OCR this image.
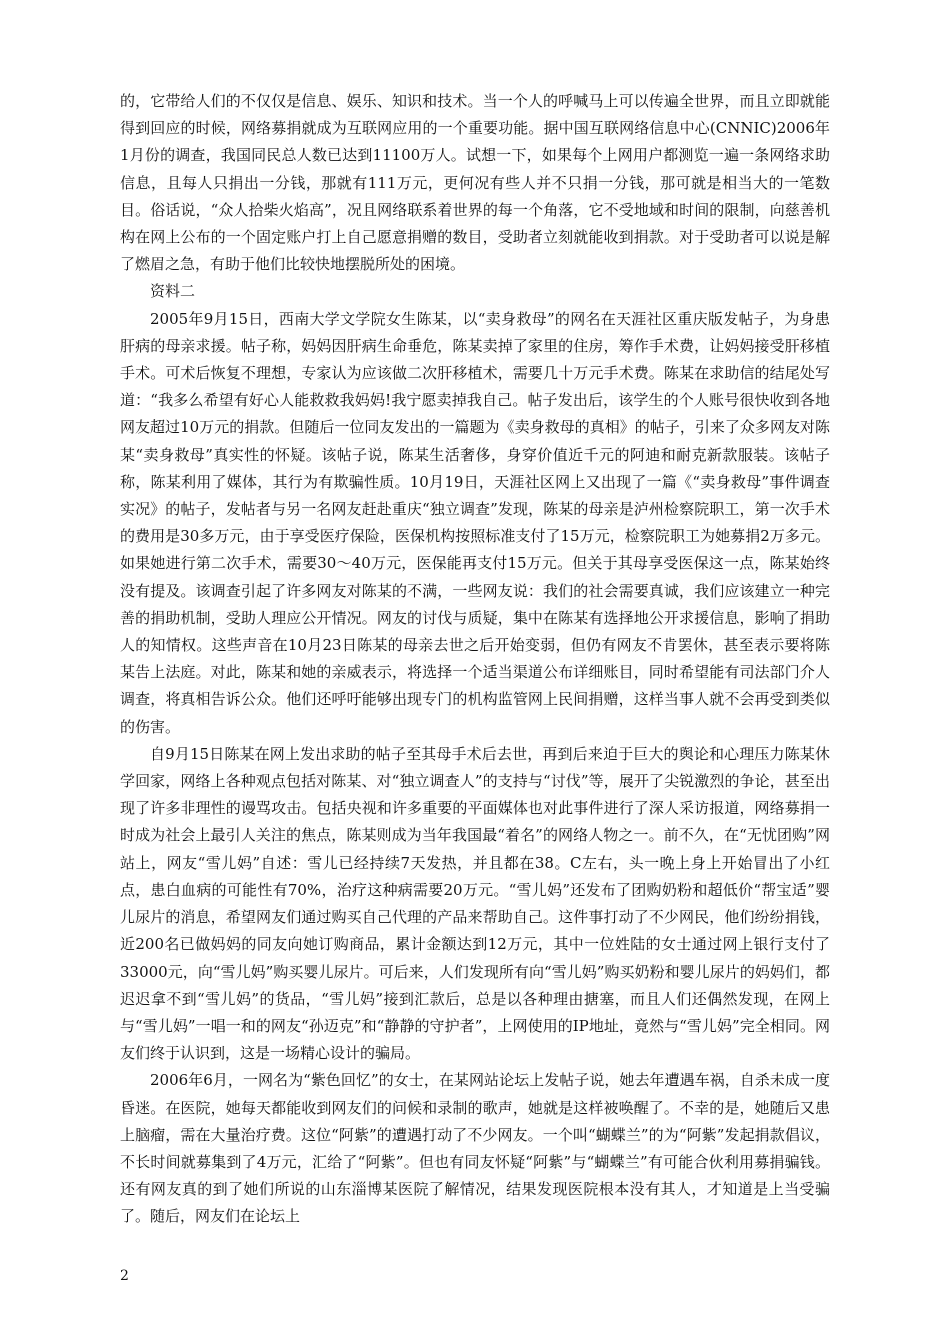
的，它带给人们的不仅仅是信息、娱乐、知识和技术。当一个人的呼喊马上可以传遍全世界，而且立即就能得到回应的时候，网络募捐就成为互联网应用的一个重要功能。据中国互联网络信息中心(CNNIC)2006年1月份的调查，我国同民总人数已达到11100万人。试想一下，如果每个上网用户都测览一遍一条网络求助信息，且每人只捐出一分钱，那就有111万元，更何况有些人并不只捐一分钱，那可就是相当大的一笔数目。俗话说，“众人拾柴火焰高”，况且网络联系着世界的每一个角落，它不受地域和时间的限制，向慈善机构在网上公布的一个固定账户打上自己愿意捐赠的数目，受助者立刻就能收到捐款。对于受助者可以说是解了燃眉之急，有助于他们比较快地摆脱所处的困境。

资料二

2005年9月15日，西南大学文学院女生陈某，以“卖身救母”的网名在天涯社区重庆版发帖子，为身患肝病的母亲求援。帖子称，妈妈因肝病生命垂危，陈某卖掉了家里的住房，筹作手术费，让妈妈接受肝移植手术。可术后恢复不理想，专家认为应该做二次肝移植术，需要几十万元手术费。陈某在求助信的结尾处写道：“我多么希望有好心人能救救我妈妈!我宁愿卖掉我自己。帖子发出后，该学生的个人账号很快收到各地网友超过10万元的捐款。但随后一位同友发出的一篇题为《卖身救母的真相》的帖子，引来了众多网友对陈某“卖身救母”真实性的怀疑。该帖子说，陈某生活奢侈，身穿价值近千元的阿迪和耐克新款服装。该帖子称，陈某利用了媒体，其行为有欺骗性质。10月19日，天涯社区网上又出现了一篇《“卖身救母”事件调查实况》的帖子，发帖者与另一名网友赶赴重庆“独立调查”发现，陈某的母亲是泸州检察院职工，第一次手术的费用是30多万元，由于享受医疗保险，医保机构按照标准支付了15万元，检察院职工为她募捐2万多元。如果她进行第二次手术，需要30～40万元，医保能再支付15万元。但关于其母享受医保这一点，陈某始终没有提及。该调查引起了许多网友对陈某的不满，一些网友说：我们的社会需要真诚，我们应该建立一种完善的捐助机制，受助人理应公开情况。网友的讨伐与质疑，集中在陈某有选择地公开求援信息，影响了捐助人的知情权。这些声音在10月23日陈某的母亲去世之后开始变弱，但仍有网友不肯罢休，甚至表示要将陈某告上法庭。对此，陈某和她的亲威表示，将选择一个适当渠道公布详细账目，同时希望能有司法部门介人调查，将真相告诉公众。他们还呼吁能够出现专门的机构监管网上民间捐赠，这样当事人就不会再受到类似的伤害。

自9月15日陈某在网上发出求助的帖子至其母手术后去世，再到后来迫于巨大的舆论和心理压力陈某休学回家，网络上各种观点包括对陈某、对“独立调查人”的支持与“讨伐”等，展开了尖锐激烈的争论，甚至出现了许多非理性的谩骂攻击。包括央视和许多重要的平面媒体也对此事件进行了深人采访报道，网络募捐一时成为社会上最引人关注的焦点，陈某则成为当年我国最“着名”的网络人物之一。前不久，在“无忧团购”网站上，网友“雪儿妈”自述：雪儿已经持续7天发热，并且都在38。C左右，头一晚上身上开始冒出了小红点，患白血病的可能性有70%，治疗这种病需要20万元。“雪儿妈”还发布了团购奶粉和超低价“帮宝适”婴儿尿片的消息，希望网友们通过购买自己代理的产品来帮助自己。这件事打动了不少网民，他们纷纷捐钱，近200名已做妈妈的同友向她订购商品，累计金额达到12万元，其中一位姓陆的女士通过网上银行支付了33000元，向“雪儿妈”购买婴儿尿片。可后来，人们发现所有向“雪儿妈”购买奶粉和婴儿尿片的妈妈们，都迟迟拿不到“雪儿妈”的货品，“雪儿妈”接到汇款后，总是以各种理由搪塞，而且人们还偶然发现，在网上与“雪儿妈”一唱一和的网友“孙迈克”和“静静的守护者”，上网使用的IP地址，竟然与“雪儿妈”完全相同。网友们终于认识到，这是一场精心设计的骗局。

2006年6月，一网名为“紫色回忆”的女士，在某网站论坛上发帖子说，她去年遭遇车祸，自杀未成一度昏迷。在医院，她每天都能收到网友们的问候和录制的歌声，她就是这样被唤醒了。不幸的是，她随后又患上脑瘤，需在大量治疗费。这位“阿紫”的遭遇打动了不少网友。一个叫“蝴蝶兰”的为“阿紫”发起捐款倡议，不长时间就募集到了4万元，汇给了“阿紫”。但也有同友怀疑“阿紫”与“蝴蝶兰”有可能合伙利用募捐骗钱。还有网友真的到了她们所说的山东淄博某医院了解情况，结果发现医院根本没有其人，才知道是上当受骗了。随后，网友们在论坛上

2
